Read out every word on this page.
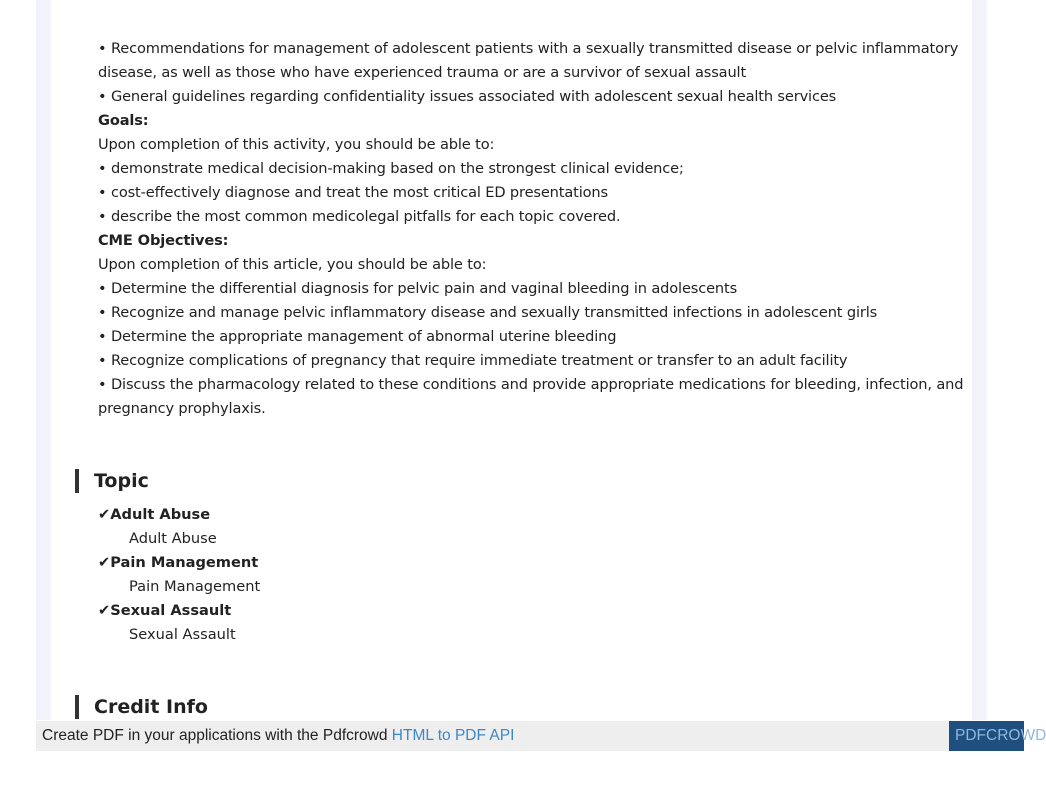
• Recommendations for management of adolescent patients with a sexually transmitted disease or pelvic inflammatory disease, as well as those who have experienced trauma or are a survivor of sexual assault

• General guidelines regarding confidentiality issues associated with adolescent sexual health services

Goals:

Upon completion of this activity, you should be able to:

• demonstrate medical decision-making based on the strongest clinical evidence;

• cost-effectively diagnose and treat the most critical ED presentations

• describe the most common medicolegal pitfalls for each topic covered.

CME Objectives:

Upon completion of this article, you should be able to:

• Determine the differential diagnosis for pelvic pain and vaginal bleeding in adolescents

• Recognize and manage pelvic inflammatory disease and sexually transmitted infections in adolescent girls

• Determine the appropriate management of abnormal uterine bleeding

• Recognize complications of pregnancy that require immediate treatment or transfer to an adult facility

• Discuss the pharmacology related to these conditions and provide appropriate medications for bleeding, infection, and pregnancy prophylaxis.

Topic
✔Adult Abuse
Adult Abuse
✔Pain Management
Pain Management
✔Sexual Assault
Sexual Assault
Credit Info
Create PDF in your applications with the Pdfcrowd HTML to PDF API	PDFCROWD
